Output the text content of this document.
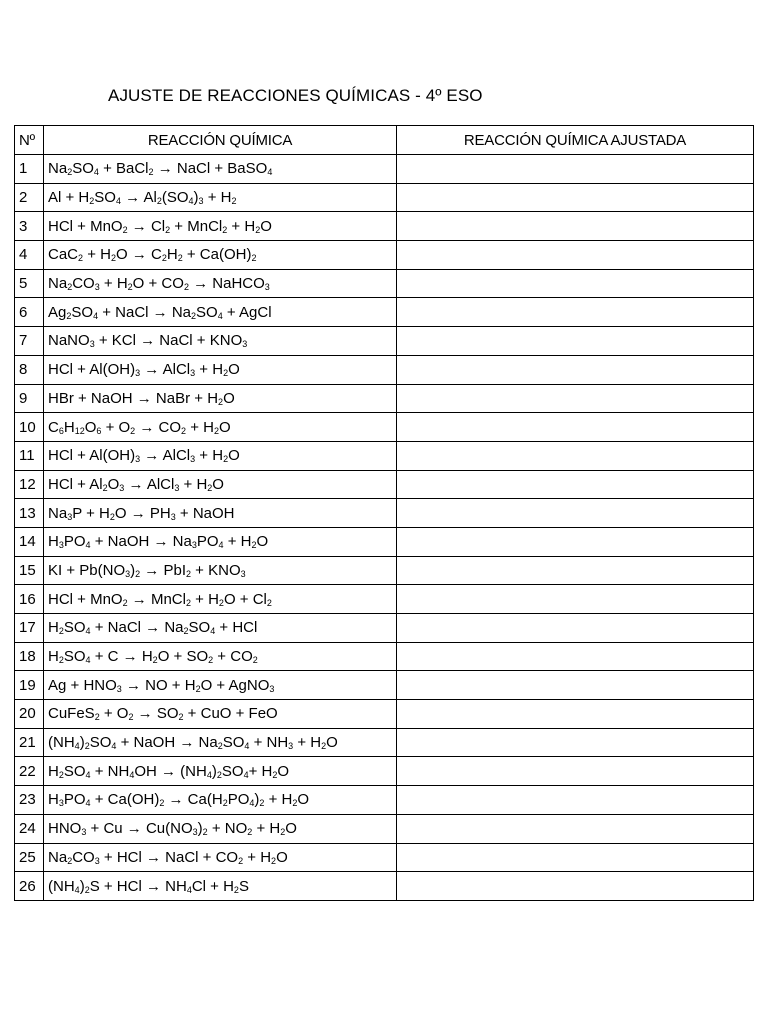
AJUSTE DE REACCIONES QUÍMICAS - 4º ESO
Nº	REACCIÓN QUÍMICA	REACCIÓN QUÍMICA AJUSTADA
1	$Na_2SO_4$ + BaCl$_2$ → NaCl + BaSO$_4$	
2	$Al + H_2SO_4 \to Al_2(SO_4)_3 + H_2$	
3	HCl + $MnO_2 \to Cl_2$ + MnCl$_2$ + $H_2O$	
4	$CaC_2 + H_2O \to C_2H_2 + Ca(OH)_2$	
5	$Na_2CO_3 + H_2O + CO_2$ → NaHCO$_3$	
6	$Ag_2SO_4$ + NaCl → $Na_2SO_4$ + AgCl	
7	NaNO$_3$ + KCl → NaCl + $KNO_3$	
8	HCl + $Al(OH)_3$ → AlCl$_3$ + $H_2O$	
9	HBr + NaOH → NaBr + $H_2O$	
10	$C_6H_{12}O_6 + O_2 \to CO_2 + H_2O$	
11	HCl + $Al(OH)_3$ → AlCl$_3$ + $H_2O$	
12	HCl + $Al_2O_3$ → AlCl$_3$ + $H_2O$	
13	$Na_3P + H_2O \to PH_3$ + NaOH	
14	$H_3PO_4$ + NaOH → $Na_3PO_4 + H_2O$	
15	KI + $Pb(NO_3)_2 \to PbI_2 + KNO_3$	
16	HCl + MnO$_2$ → MnCl$_2$ + $H_2O + Cl_2$	
17	$H_2SO_4$ + NaCl → $Na_2SO_4$ + HCl	
18	$H_2SO_4 + C \to H_2O + SO_2 + CO_2$	
19	$Ag + HNO_3$ → NO + $H_2O$ + AgNO$_3$	
20	CuFeS$_2$ + $O_2 \to SO_2$ + CuO + FeO	
21	$(NH_4)_2SO_4$ + NaOH → $Na_2SO_4 + NH_3 + H_2O$	
22	$H_2SO_4 + NH_4OH \to (NH_4)_2SO_4+ H_2O$	
23	$H_3PO_4 + Ca(OH)_2 \to Ca(H_2PO_4)_2 + H_2O$	
24	$HNO_3 + Cu \to Cu(NO_3)_2 + NO_2 + H_2O$	
25	$Na_2CO_3$ + HCl → NaCl + $CO_2 + H_2O$	
26	$(NH_4)_2S$ + HCl → $NH_4Cl + H_2S$	
